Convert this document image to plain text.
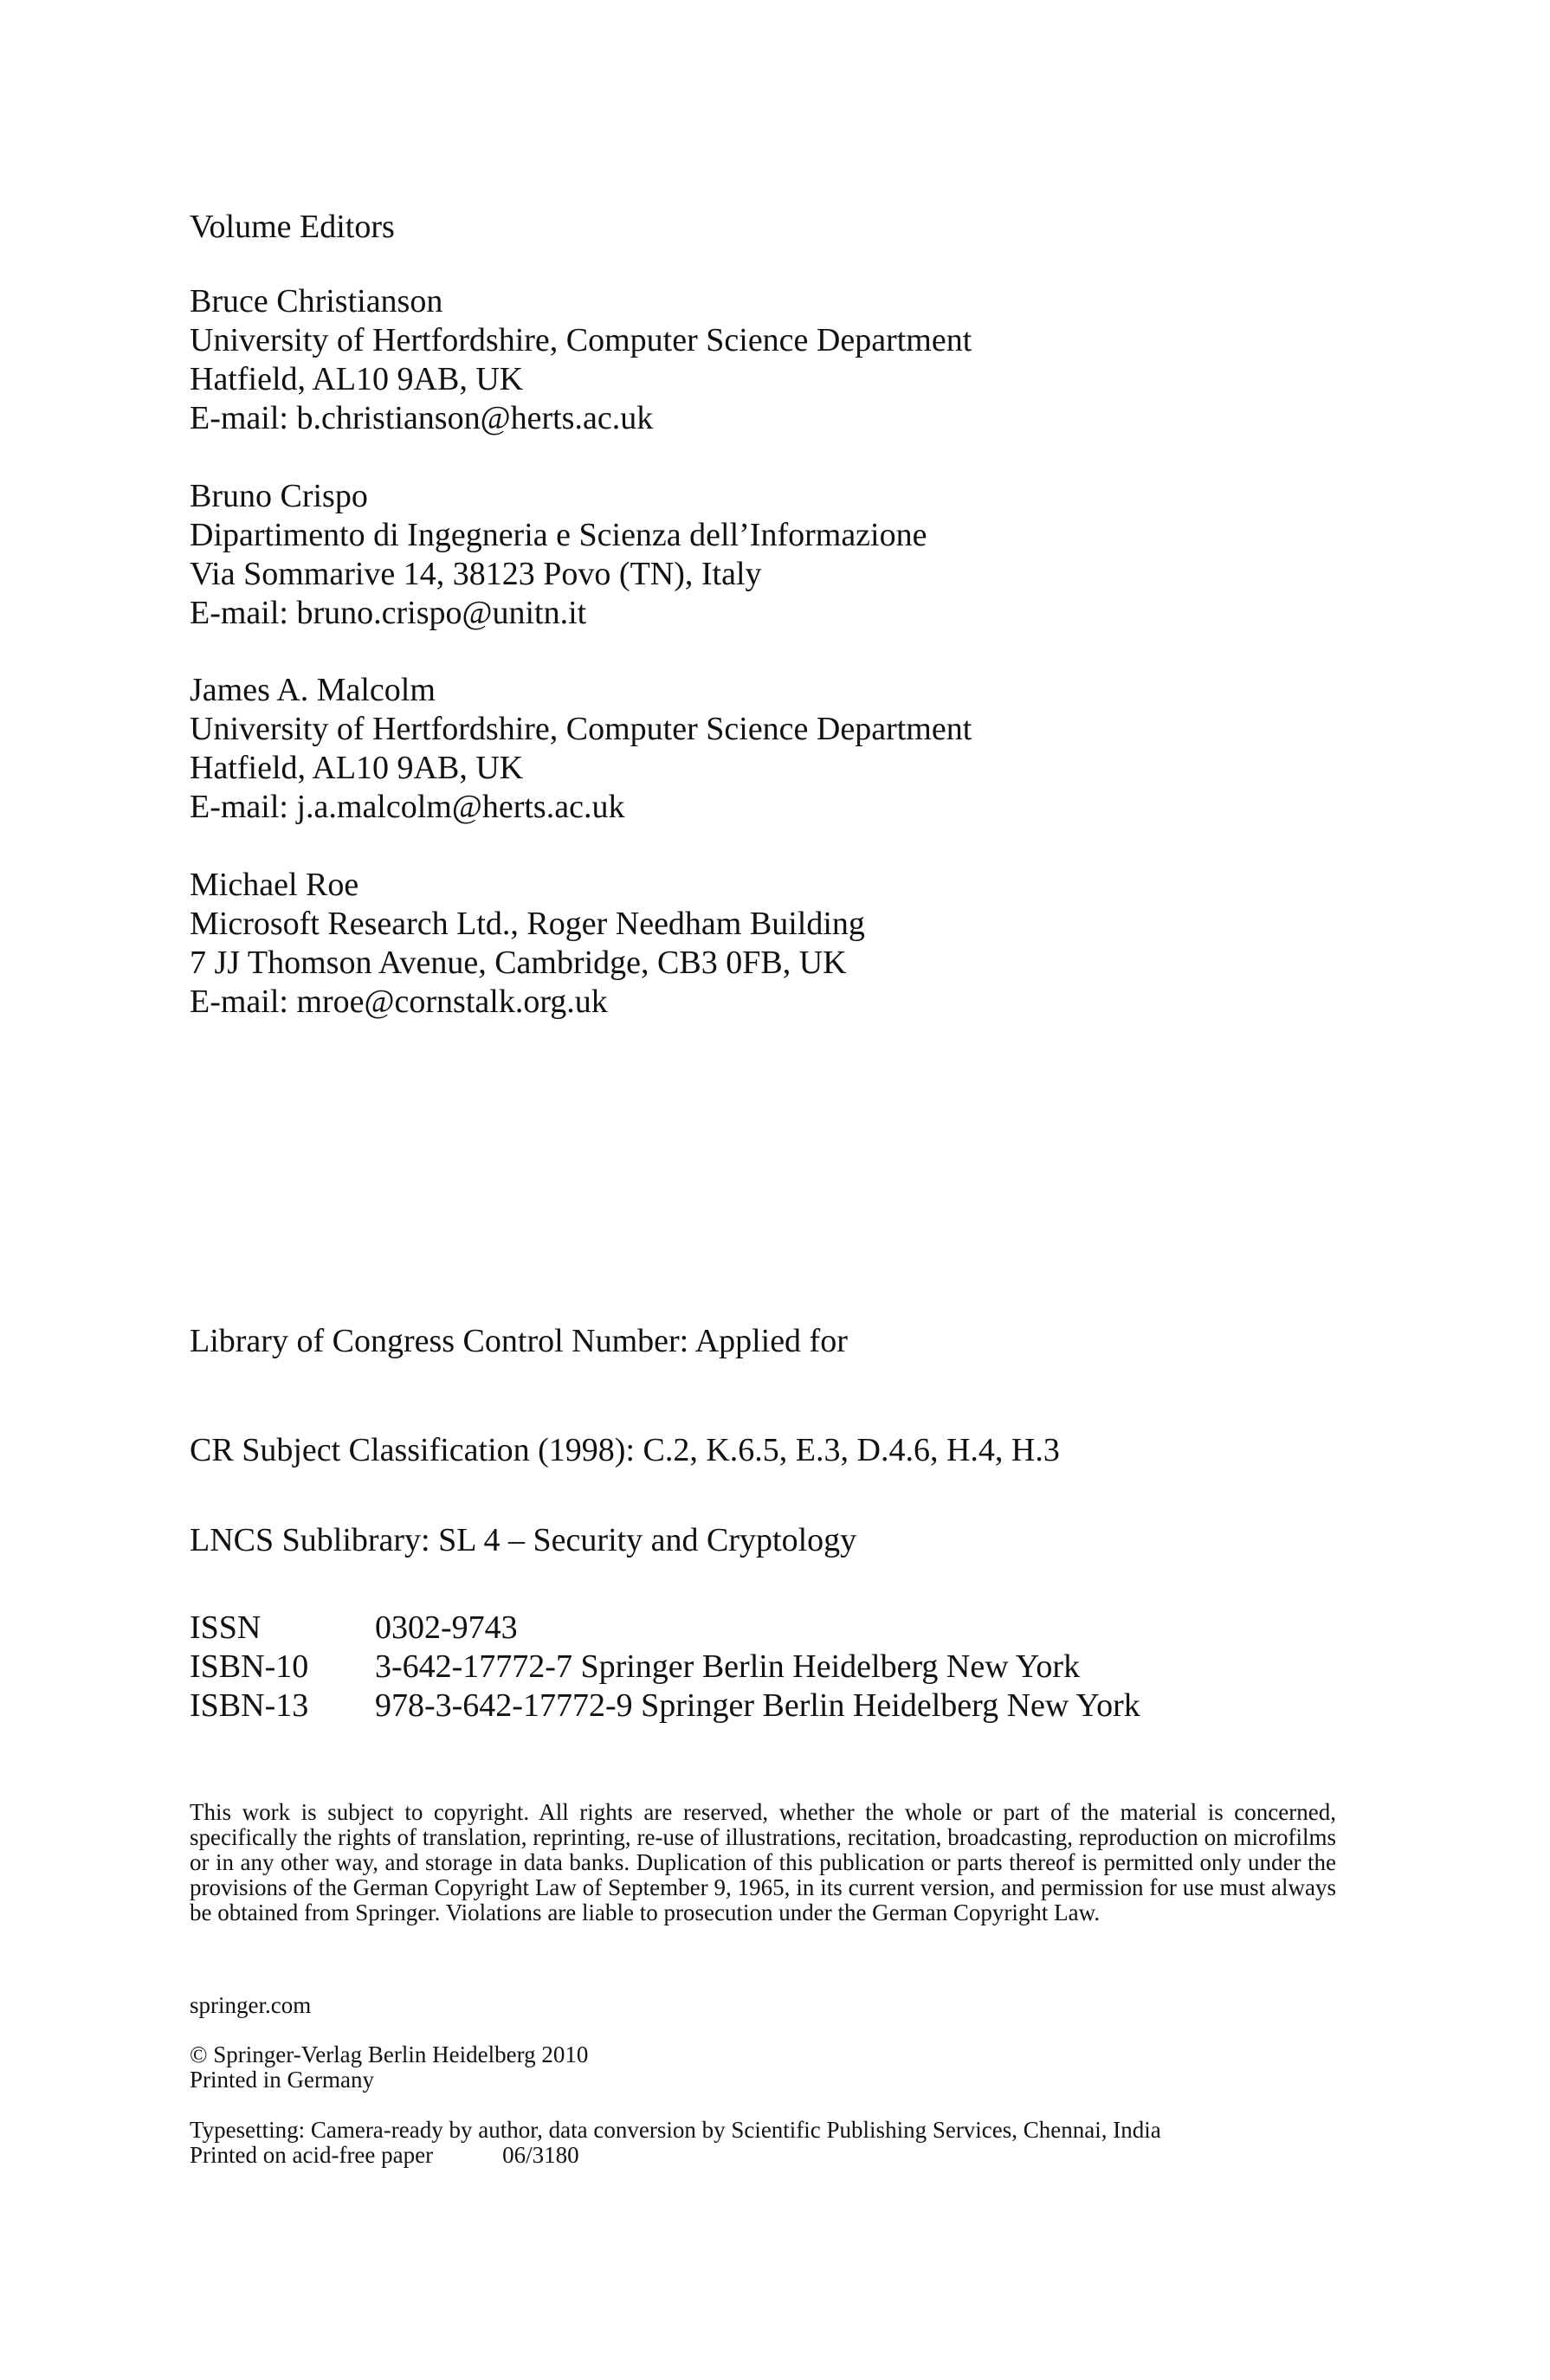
Volume Editors
Bruce Christianson
University of Hertfordshire, Computer Science Department
Hatfield, AL10 9AB, UK
E-mail: b.christianson@herts.ac.uk
Bruno Crispo
Dipartimento di Ingegneria e Scienza dell’Informazione
Via Sommarive 14, 38123 Povo (TN), Italy
E-mail: bruno.crispo@unitn.it
James A. Malcolm
University of Hertfordshire, Computer Science Department
Hatfield, AL10 9AB, UK
E-mail: j.a.malcolm@herts.ac.uk
Michael Roe
Microsoft Research Ltd., Roger Needham Building
7 JJ Thomson Avenue, Cambridge, CB3 0FB, UK
E-mail: mroe@cornstalk.org.uk
Library of Congress Control Number: Applied for
CR Subject Classification (1998): C.2, K.6.5, E.3, D.4.6, H.4, H.3
LNCS Sublibrary: SL 4 – Security and Cryptology
ISSN	0302-9743
ISBN-10	3-642-17772-7 Springer Berlin Heidelberg New York
ISBN-13	978-3-642-17772-9 Springer Berlin Heidelberg New York
This work is subject to copyright. All rights are reserved, whether the whole or part of the material is concerned, specifically the rights of translation, reprinting, re-use of illustrations, recitation, broadcasting, reproduction on microfilms or in any other way, and storage in data banks. Duplication of this publication or parts thereof is permitted only under the provisions of the German Copyright Law of September 9, 1965, in its current version, and permission for use must always be obtained from Springer. Violations are liable to prosecution under the German Copyright Law.
springer.com
© Springer-Verlag Berlin Heidelberg 2010
Printed in Germany
Typesetting: Camera-ready by author, data conversion by Scientific Publishing Services, Chennai, India
Printed on acid-free paper	06/3180
